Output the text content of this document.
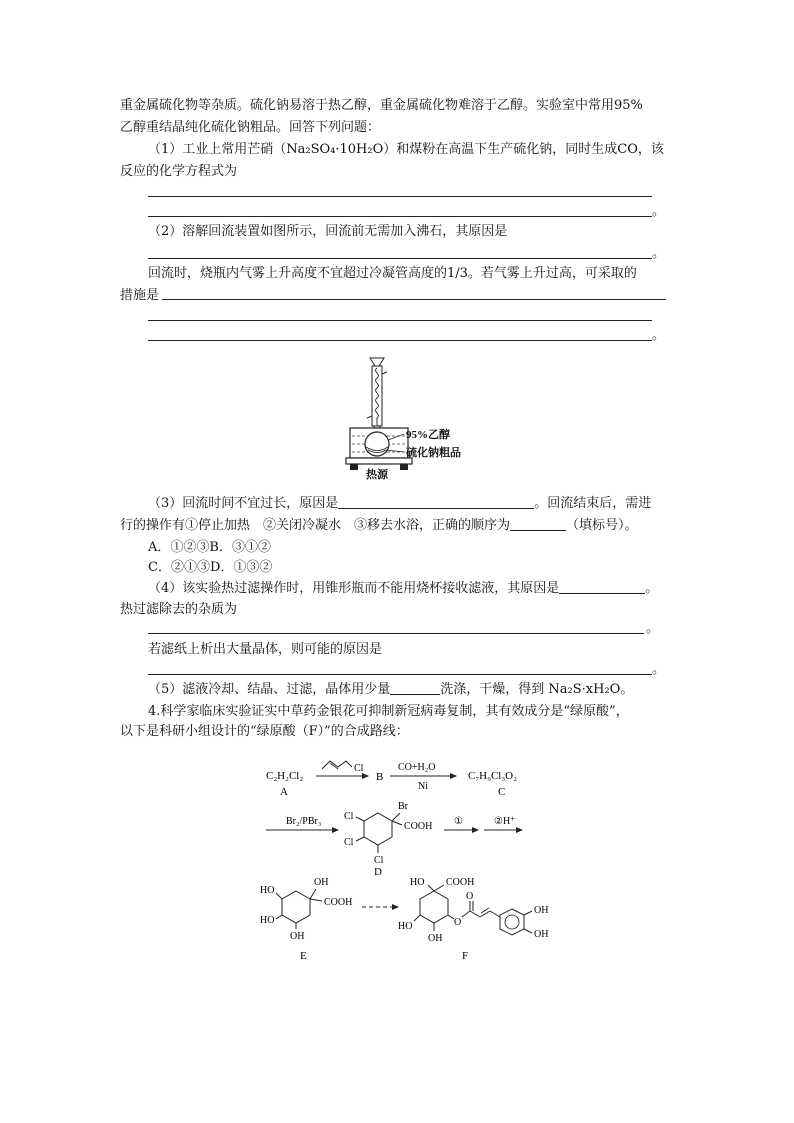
重金属硫化物等杂质。硫化钠易溶于热乙醇，重金属硫化物难溶于乙醇。实验室中常用95%
乙醇重结晶纯化硫化钠粗品。回答下列问题：
（1）工业上常用芒硝（Na₂SO₄·10H₂O）和煤粉在高温下生产硫化钠，同时生成CO，该
反应的化学方程式为
。
（2）溶解回流装置如图所示，回流前无需加入沸石，其原因是
。
回流时，烧瓶内气雾上升高度不宜超过冷凝管高度的1/3。若气雾上升过高，可采取的
措施是
。
95%乙醇
硫化钠粗品
热源
（3）回流时间不宜过长，原因是	。回流结束后，需进
行的操作有①停止加热　②关闭冷凝水　③移去水浴，正确的顺序为	（填标号）。
A．①②③B．③①②
C．②①③D．①③②
（4）该实验热过滤操作时，用锥形瓶而不能用烧杯接收滤液，其原因是	。
热过滤除去的杂质为
。
若滤纸上析出大量晶体，则可能的原因是
。
（5）滤液冷却、结晶、过滤，晶体用少量	洗涤，干燥，得到 Na₂S·xH₂O。
4.科学家临床实验证实中草药金银花可抑制新冠病毒复制，其有效成分是“绿原酸”，
以下是科研小组设计的“绿原酸（F）”的合成路线：
C₂H₂Cl₂
A
Cl
B
CO+H₂O
Ni
C₇H₉Cl₃O₂
C
Br₂/PBr₃
Br
COOH
Cl
Cl
Cl
D
①	②H⁺
OH
COOH
HO
HO
OH
E
HO COOH
HO
OH
O
O
OH
OH
F
